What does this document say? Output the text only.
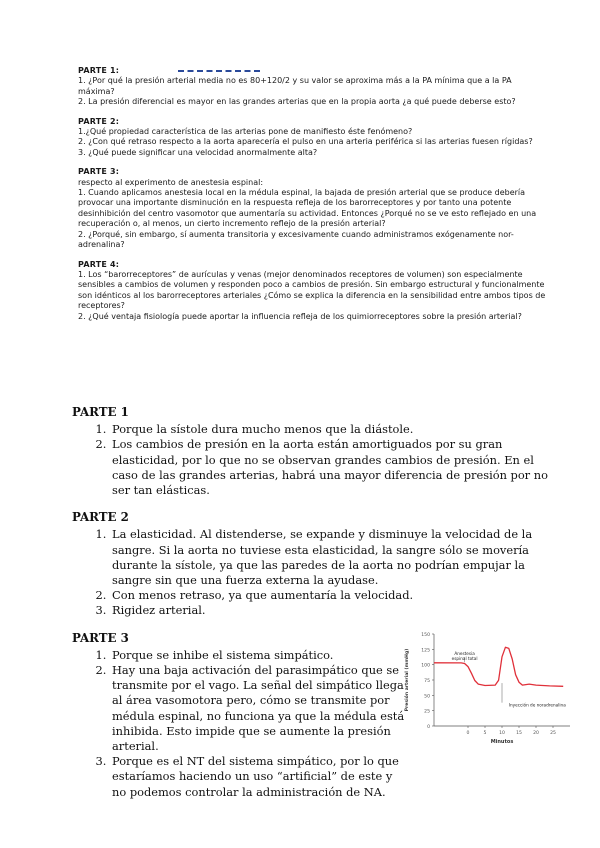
PARTE 1:

1. ¿Por qué la presión arterial media no es 80+120/2 y su valor se aproxima más a la PA mínima que a la PA máxima?

2. La presión diferencial es mayor en las grandes arterias que en la propia aorta ¿a qué puede deberse esto?

PARTE 2:

1.¿Qué propiedad característica de las arterias pone de manifiesto éste fenómeno?

2. ¿Con qué retraso respecto a la aorta aparecería el pulso en una arteria periférica si las arterias fuesen rígidas?

3. ¿Qué puede significar una velocidad anormalmente alta?

PARTE 3:

respecto al experimento de anestesia espinal:

1. Cuando aplicamos anestesia local en la médula espinal, la bajada de presión arterial que se produce debería provocar una importante disminución en la respuesta refleja de los barorreceptores y por tanto una potente desinhibición del centro vasomotor que aumentaría su actividad. Entonces ¿Porqué no se ve esto reflejado en una recuperación o, al menos, un cierto incremento reflejo de la presión arterial?

2. ¿Porqué, sin embargo, sí aumenta transitoria y excesivamente cuando administramos exógenamente nor-adrenalina?

PARTE 4:

1. Los “barorreceptores” de aurículas y venas (mejor denominados receptores de volumen) son especialmente sensibles a cambios de volumen y responden poco a cambios de presión. Sin embargo estructural y funcionalmente son idénticos al los barorreceptores arteriales ¿Cómo se explica la diferencia en la sensibilidad entre ambos tipos de receptores?

2. ¿Qué ventaja fisiología puede aportar la influencia refleja de los quimiorreceptores sobre la presión arterial?

PARTE 1
1. Porque la sístole dura mucho menos que la diástole.
2. Los cambios de presión en la aorta están amortiguados por su gran elasticidad, por lo que no se observan grandes cambios de presión. En el caso de las grandes arterias, habrá una mayor diferencia de presión por no ser tan elásticas.
PARTE 2
1. La elasticidad. Al distenderse, se expande y disminuye la velocidad de la sangre. Si la aorta no tuviese esta elasticidad, la sangre sólo se movería durante la sístole, ya que las paredes de la aorta no podrían empujar la sangre sin que una fuerza externa la ayudase.
2. Con menos retraso, ya que aumentaría la velocidad.
3. Rigidez arterial.
PARTE 3
1. Porque se inhibe el sistema simpático.
2. Hay una baja activación del parasimpático que se transmite por el vago. La señal del simpático llega al área vasomotora pero, cómo se transmite por médula espinal, no funciona ya que la médula está inhibida. Esto impide que se aumente la presión arterial.
3. Porque es el NT del sistema simpático, por lo que estaríamos haciendo un uso “artificial” de este y no podemos controlar la administración de NA.
0
25
50
75
100
125
150
0	5	10 15 20 25
Minutos
Presión arterial (mmHg)	Anestesia
espinal total
Inyección de noradrenalina
